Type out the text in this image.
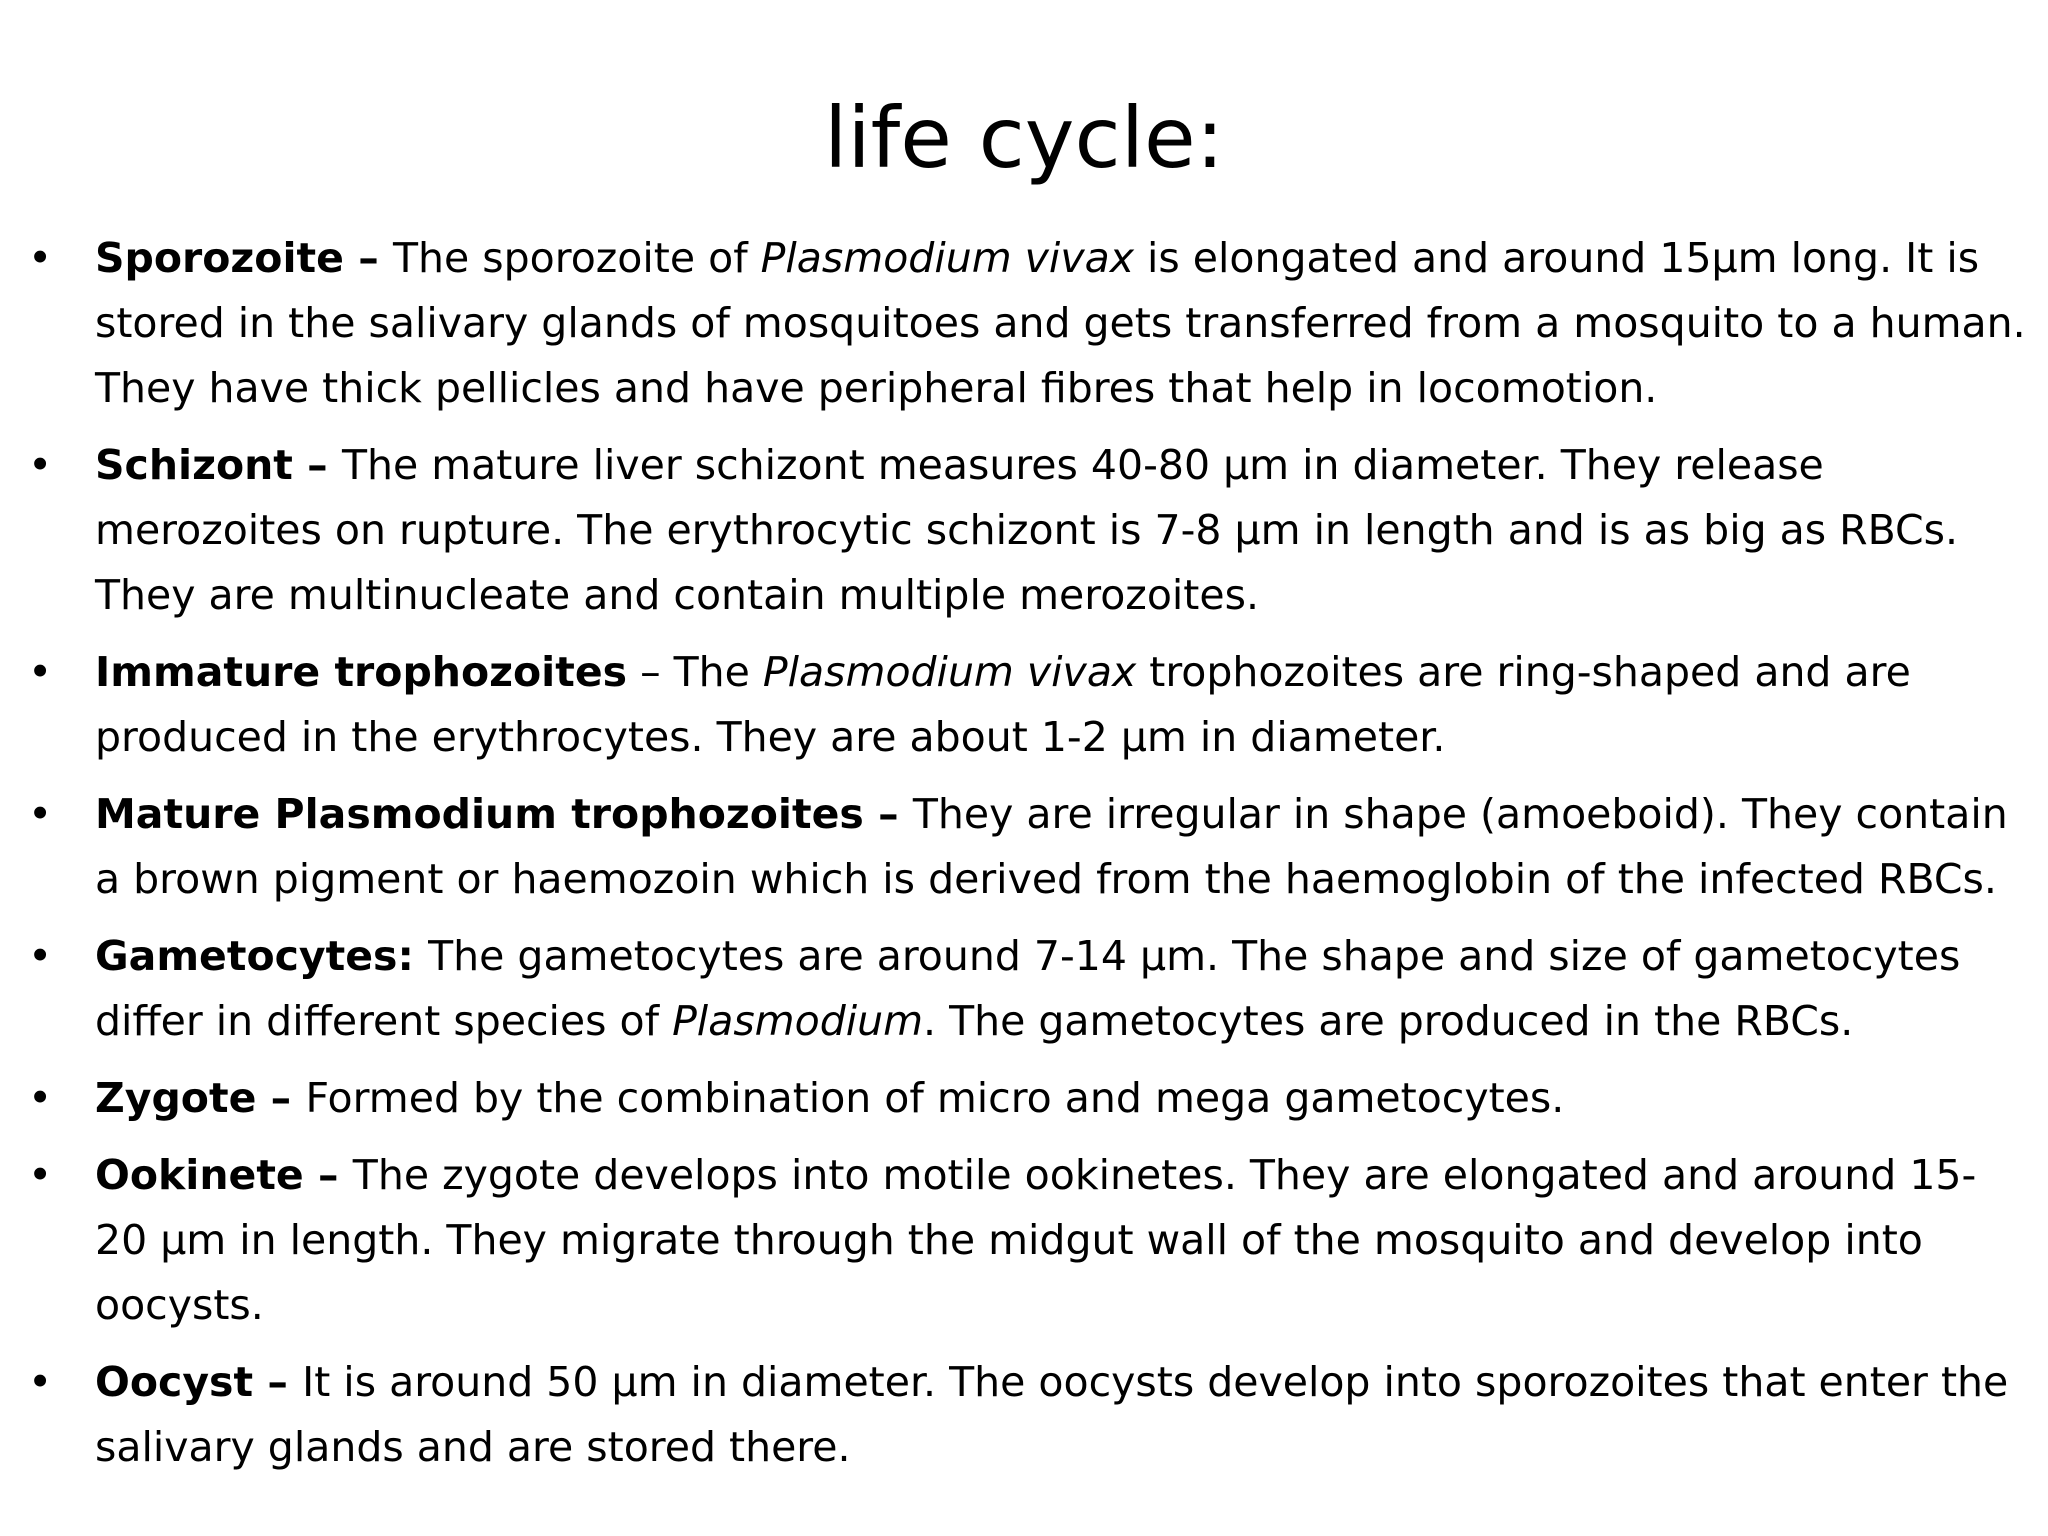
life cycle:
• Sporozoite – The sporozoite of Plasmodium vivax is elongated and around 15µm long. It is stored in the salivary glands of mosquitoes and gets transferred from a mosquito to a human. They have thick pellicles and have peripheral fibres that help in locomotion.
• Schizont – The mature liver schizont measures 40-80 µm in diameter. They release merozoites on rupture. The erythrocytic schizont is 7-8 µm in length and is as big as RBCs. They are multinucleate and contain multiple merozoites.
• Immature trophozoites – The Plasmodium vivax trophozoites are ring-shaped and are produced in the erythrocytes. They are about 1-2 µm in diameter.
• Mature Plasmodium trophozoites – They are irregular in shape (amoeboid). They contain a brown pigment or haemozoin which is derived from the haemoglobin of the infected RBCs.
• Gametocytes: The gametocytes are around 7-14 µm. The shape and size of gametocytes differ in different species of Plasmodium. The gametocytes are produced in the RBCs.
• Zygote – Formed by the combination of micro and mega gametocytes.
• Ookinete – The zygote develops into motile ookinetes. They are elongated and around 15-20 µm in length. They migrate through the midgut wall of the mosquito and develop into oocysts.
• Oocyst – It is around 50 µm in diameter. The oocysts develop into sporozoites that enter the salivary glands and are stored there.
